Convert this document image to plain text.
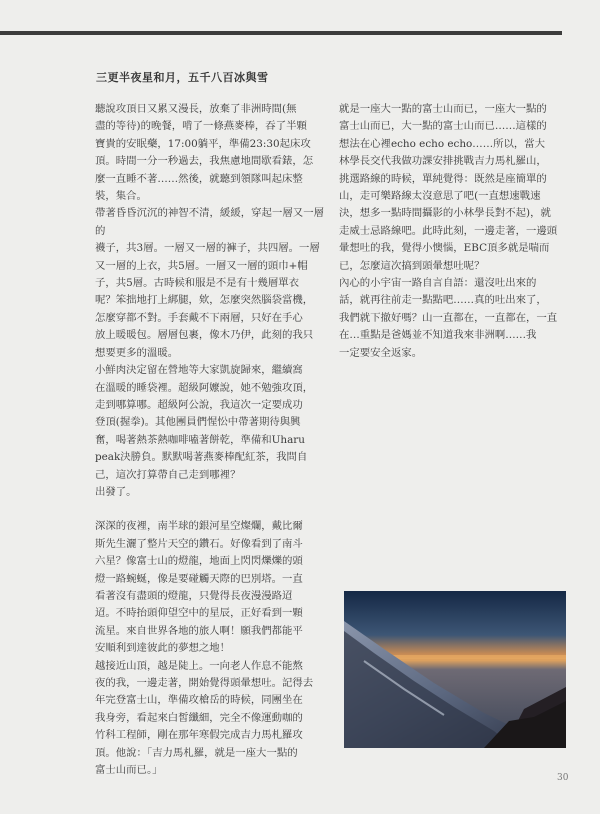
三更半夜星和月，五千八百冰與雪

聽說攻頂日又累又漫長，放棄了非洲時間(無
盡的等待)的晚餐，啃了一條燕麥棒，吞了半顆
寶貴的安眠藥，17:00躺平，準備23:30起床攻
頂。時間一分一秒過去，我焦慮地間歇看錶，怎
麼一直睡不著……然後，就聽到領隊叫起床整
裝，集合。

帶著昏昏沉沉的神智不清，緩緩，穿起一層又一層的
襪子，共3層。一層又一層的褲子，共四層。一層
又一層的上衣，共5層。一層又一層的頭巾+帽
子，共5層。古時候和服是不是有十幾層單衣
呢？笨拙地打上綁腿，欸，怎麼突然腦袋當機，
怎麼穿都不對。手套戴不下兩層，只好在手心
放上暖暖包。層層包裹，像木乃伊，此刻的我只
想要更多的溫暖。

小鮮肉決定留在營地等大家凱旋歸來，繼續窩
在溫暖的睡袋裡。超級阿嬤說，她不勉強攻頂，
走到哪算哪。超級阿公說，我這次一定要成功
登頂(握拳)。其他團員們惺忪中帶著期待與興
奮，喝著熱茶熱咖啡嗑著餅乾，準備和Uharu
peak決勝負。默默喝著燕麥棒配紅茶，我問自
己，這次打算帶自己走到哪裡？

出發了。

深深的夜裡，南半球的銀河星空燦爛，戴比爾
斯先生灑了整片天空的鑽石。好像看到了南斗
六星？像富士山的燈龍，地面上閃閃爍爍的頭
燈一路蜿蜒，像是要碰觸天際的巴別塔。一直
看著沒有盡頭的燈龍，只覺得長夜漫漫路迢
迢。不時抬頭仰望空中的星辰，正好看到一顆
流星。來自世界各地的旅人啊！願我們都能平
安順利到達彼此的夢想之地！

越接近山頂，越是陡上。一向老人作息不能熬
夜的我，一邊走著，開始覺得頭暈想吐。記得去
年完登富士山，準備攻槍岳的時候，同團坐在
我身旁，看起來白皙纖細，完全不像運動咖的
竹科工程師，剛在那年寒假完成吉力馬札羅攻
頂。他說：「吉力馬札羅，就是一座大一點的
富士山而已。」

就是一座大一點的富士山而已，一座大一點的
富士山而已，大一點的富士山而已……這樣的
想法在心裡echo echo echo……所以，當大
林學長交代我做功課安排挑戰吉力馬札羅山，
挑選路線的時候，單純覺得：既然是座簡單的
山，走可樂路線太沒意思了吧(一直想速戰速
決，想多一點時間攝影的小林學長對不起)，就
走威士忌路線吧。此時此刻，一邊走著，一邊頭
暈想吐的我，覺得小懊惱，EBC頂多就是喘而
已，怎麼這次搞到頭暈想吐呢？

內心的小宇宙一路自言自語：還沒吐出來的
話，就再往前走一點點吧……真的吐出來了，
我們就下撤好嗎？山一直都在，一直都在，一直
在…重點是爸媽並不知道我來非洲啊……我
一定要安全返家。

30
